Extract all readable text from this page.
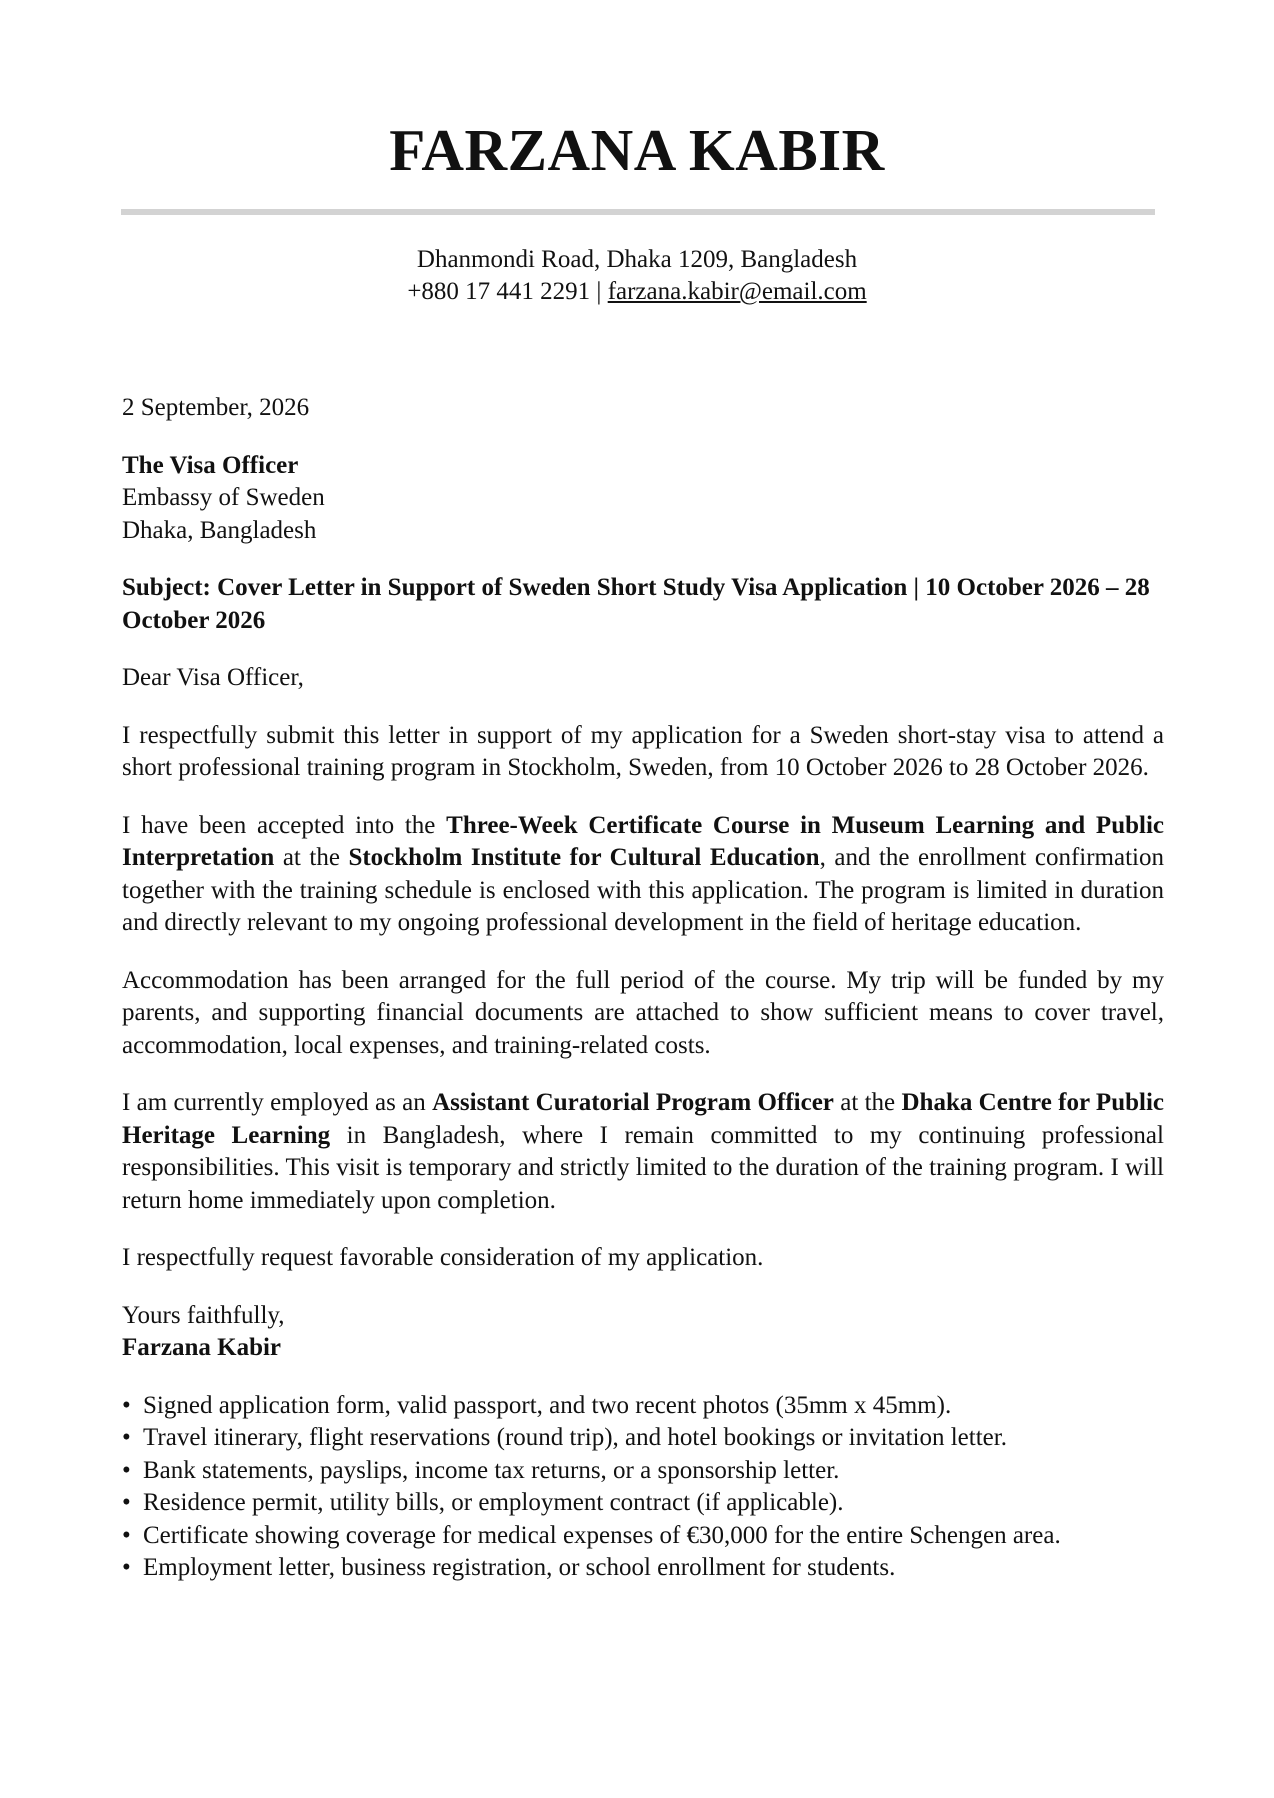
FARZANA KABIR
Dhanmondi Road, Dhaka 1209, Bangladesh
+880 17 441 2291 | farzana.kabir@email.com

2 September, 2026

The Visa Officer
Embassy of Sweden
Dhaka, Bangladesh

Subject: Cover Letter in Support of Sweden Short Study Visa Application | 10 October 2026 – 28 October 2026

Dear Visa Officer,

I respectfully submit this letter in support of my application for a Sweden short-stay visa to attend a short professional training program in Stockholm, Sweden, from 10 October 2026 to 28 October 2026.

I have been accepted into the Three-Week Certificate Course in Museum Learning and Public Interpretation at the Stockholm Institute for Cultural Education, and the enrollment confirmation together with the training schedule is enclosed with this application. The program is limited in duration and directly relevant to my ongoing professional development in the field of heritage education.

Accommodation has been arranged for the full period of the course. My trip will be funded by my parents, and supporting financial documents are attached to show sufficient means to cover travel, accommodation, local expenses, and training-related costs.

I am currently employed as an Assistant Curatorial Program Officer at the Dhaka Centre for Public Heritage Learning in Bangladesh, where I remain committed to my continuing professional responsibilities. This visit is temporary and strictly limited to the duration of the training program. I will return home immediately upon completion.

I respectfully request favorable consideration of my application.

Yours faithfully,
Farzana Kabir

• Signed application form, valid passport, and two recent photos (35mm x 45mm).
• Travel itinerary, flight reservations (round trip), and hotel bookings or invitation letter.
• Bank statements, payslips, income tax returns, or a sponsorship letter.
• Residence permit, utility bills, or employment contract (if applicable).
• Certificate showing coverage for medical expenses of €30,000 for the entire Schengen area.
• Employment letter, business registration, or school enrollment for students.
